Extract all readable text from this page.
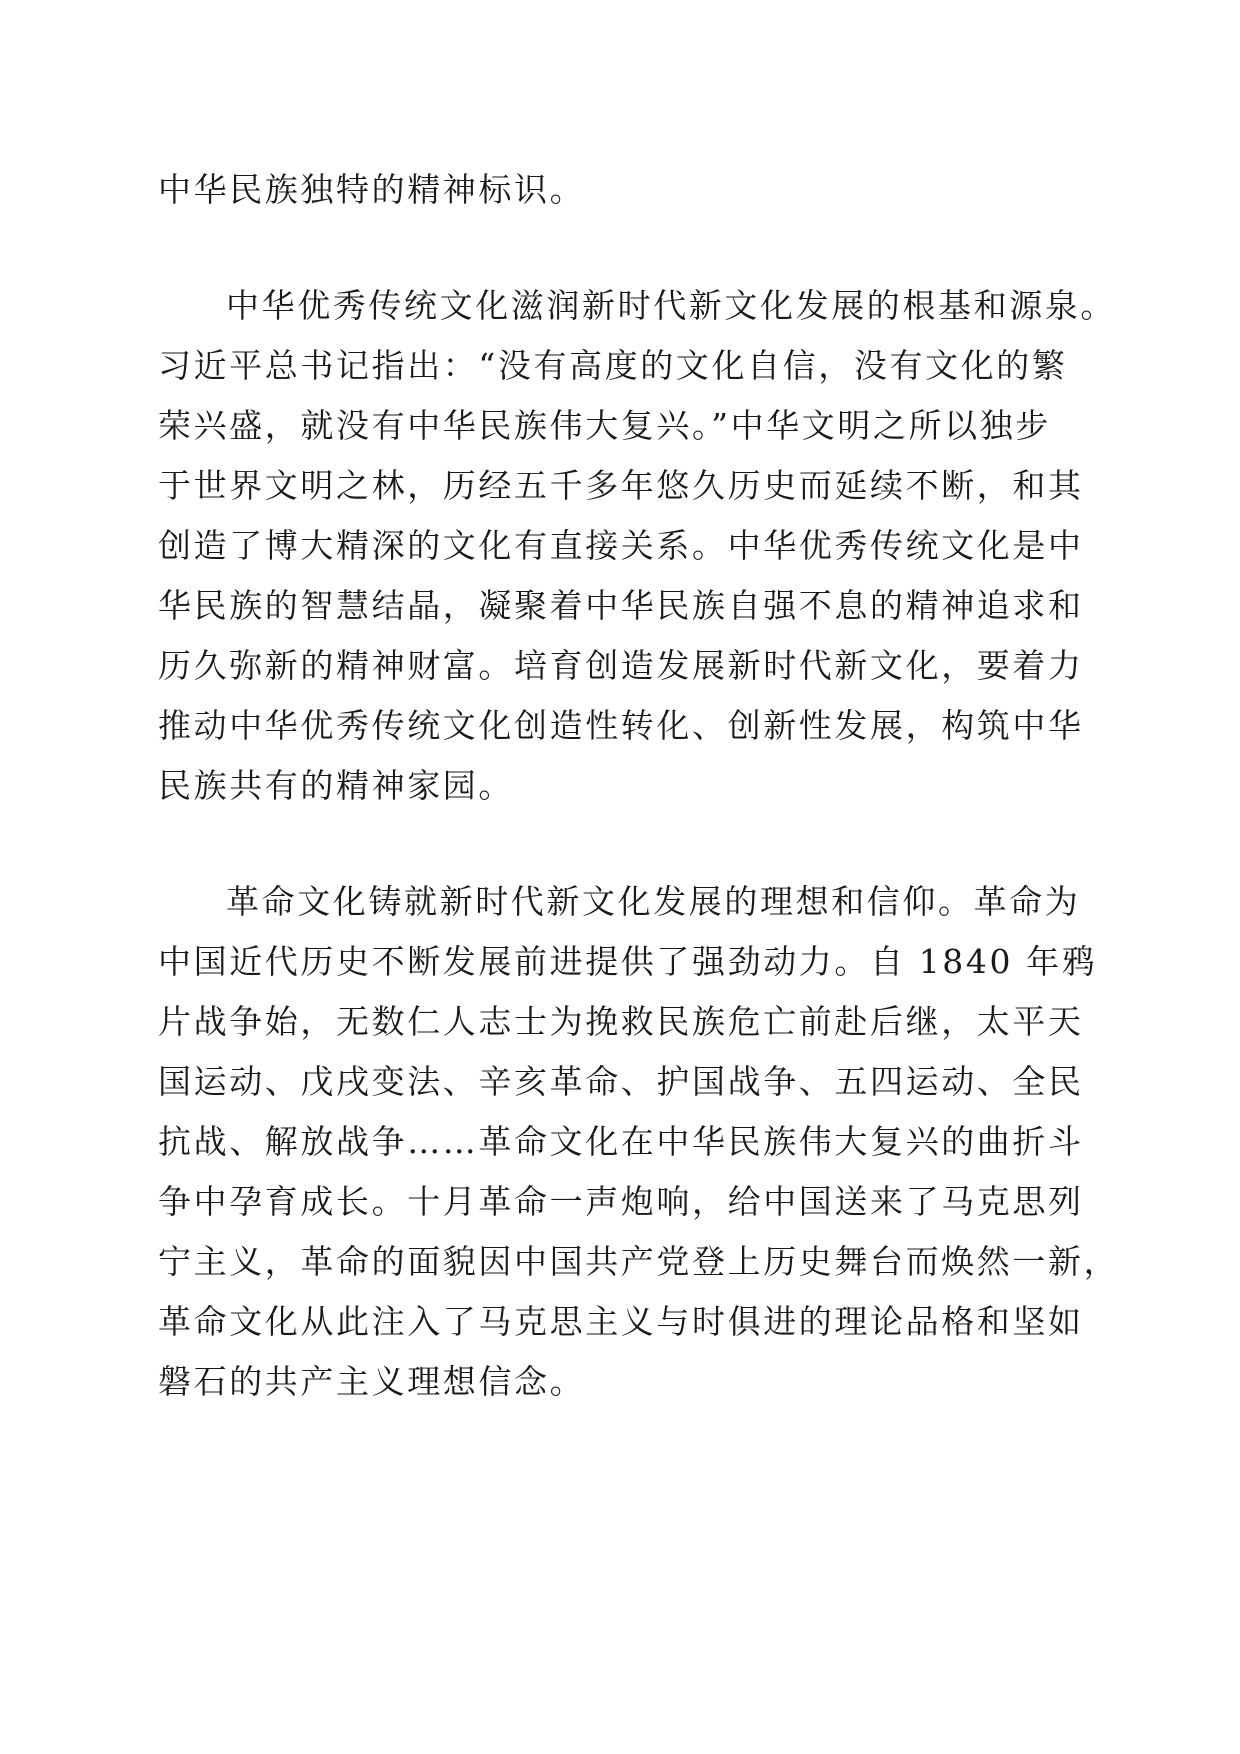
中华民族独特的精神标识。

中华优秀传统文化滋润新时代新文化发展的根基和源泉。

习近平总书记指出：“没有高度的文化自信，没有文化的繁

荣兴盛，就没有中华民族伟大复兴。”中华文明之所以独步

于世界文明之林，历经五千多年悠久历史而延续不断，和其

创造了博大精深的文化有直接关系。中华优秀传统文化是中

华民族的智慧结晶，凝聚着中华民族自强不息的精神追求和

历久弥新的精神财富。培育创造发展新时代新文化，要着力

推动中华优秀传统文化创造性转化、创新性发展，构筑中华

民族共有的精神家园。

革命文化铸就新时代新文化发展的理想和信仰。革命为

中国近代历史不断发展前进提供了强劲动力。自 1840 年鸦

片战争始，无数仁人志士为挽救民族危亡前赴后继，太平天

国运动、戊戌变法、辛亥革命、护国战争、五四运动、全民

抗战、解放战争……革命文化在中华民族伟大复兴的曲折斗

争中孕育成长。十月革命一声炮响，给中国送来了马克思列

宁主义，革命的面貌因中国共产党登上历史舞台而焕然一新，

革命文化从此注入了马克思主义与时俱进的理论品格和坚如

磐石的共产主义理想信念。
